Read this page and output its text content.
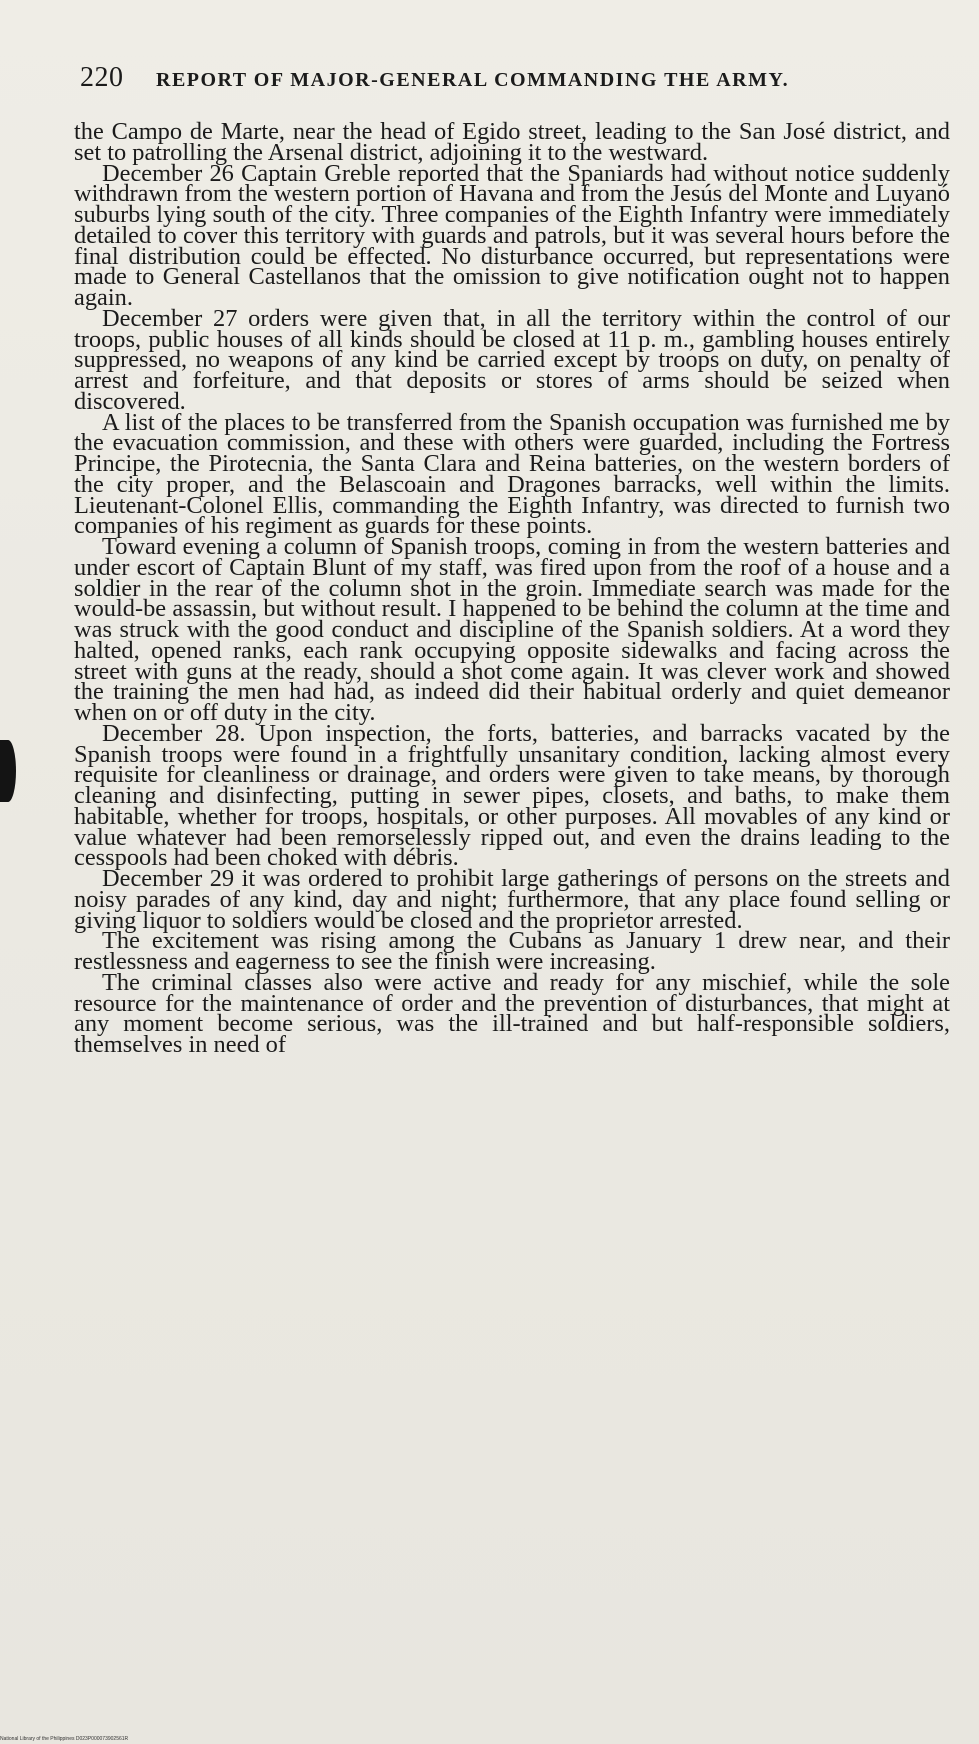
220 REPORT OF MAJOR-GENERAL COMMANDING THE ARMY.

the Campo de Marte, near the head of Egido street, leading to the San José district, and set to patrolling the Arsenal district, adjoining it to the westward.

December 26 Captain Greble reported that the Spaniards had without notice suddenly withdrawn from the western portion of Havana and from the Jesús del Monte and Luyanó suburbs lying south of the city. Three companies of the Eighth Infantry were immediately detailed to cover this territory with guards and patrols, but it was several hours before the final distribution could be effected. No disturbance occurred, but representations were made to General Castellanos that the omission to give notification ought not to happen again.

December 27 orders were given that, in all the territory within the control of our troops, public houses of all kinds should be closed at 11 p. m., gambling houses entirely suppressed, no weapons of any kind be carried except by troops on duty, on penalty of arrest and forfeiture, and that deposits or stores of arms should be seized when discovered.

A list of the places to be transferred from the Spanish occupation was furnished me by the evacuation commission, and these with others were guarded, including the Fortress Principe, the Pirotecnia, the Santa Clara and Reina batteries, on the western borders of the city proper, and the Belascoain and Dragones barracks, well within the limits. Lieutenant-Colonel Ellis, commanding the Eighth Infantry, was directed to furnish two companies of his regiment as guards for these points.

Toward evening a column of Spanish troops, coming in from the western batteries and under escort of Captain Blunt of my staff, was fired upon from the roof of a house and a soldier in the rear of the column shot in the groin. Immediate search was made for the would-be assassin, but without result. I happened to be behind the column at the time and was struck with the good conduct and discipline of the Spanish soldiers. At a word they halted, opened ranks, each rank occupying opposite sidewalks and facing across the street with guns at the ready, should a shot come again. It was clever work and showed the training the men had had, as indeed did their habitual orderly and quiet demeanor when on or off duty in the city.

December 28. Upon inspection, the forts, batteries, and barracks vacated by the Spanish troops were found in a frightfully unsanitary condition, lacking almost every requisite for cleanliness or drainage, and orders were given to take means, by thorough cleaning and disinfecting, putting in sewer pipes, closets, and baths, to make them habitable, whether for troops, hospitals, or other purposes. All movables of any kind or value whatever had been remorselessly ripped out, and even the drains leading to the cesspools had been choked with débris.

December 29 it was ordered to prohibit large gatherings of persons on the streets and noisy parades of any kind, day and night; furthermore, that any place found selling or giving liquor to soldiers would be closed and the proprietor arrested.

The excitement was rising among the Cubans as January 1 drew near, and their restlessness and eagerness to see the finish were increasing.

The criminal classes also were active and ready for any mischief, while the sole resource for the maintenance of order and the prevention of disturbances, that might at any moment become serious, was the ill-trained and but half-responsible soldiers, themselves in need of

National Library of the Philippines D023P000073902561R
